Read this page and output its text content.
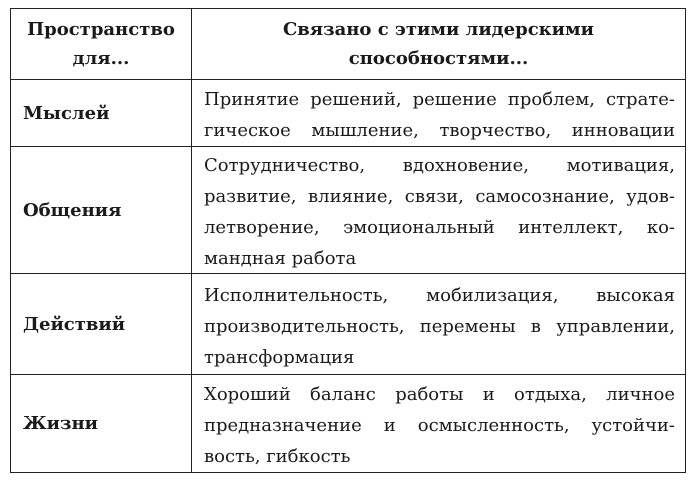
Пространство
для...
Связано с этими лидерскими
способностями...
Мыслей
Принятие решений, решение проблем, страте-
гическое мышление, творчество, инновации
Общения
Сотрудничество, вдохновение, мотивация,
развитие, влияние, связи, самосознание, удов-
летворение, эмоциональный интеллект, ко-
мандная работа
Действий
Исполнительность, мобилизация, высокая
производительность, перемены в управлении,
трансформация
Жизни
Хороший баланс работы и отдыха, личное
предназначение и осмысленность, устойчи-
вость, гибкость
